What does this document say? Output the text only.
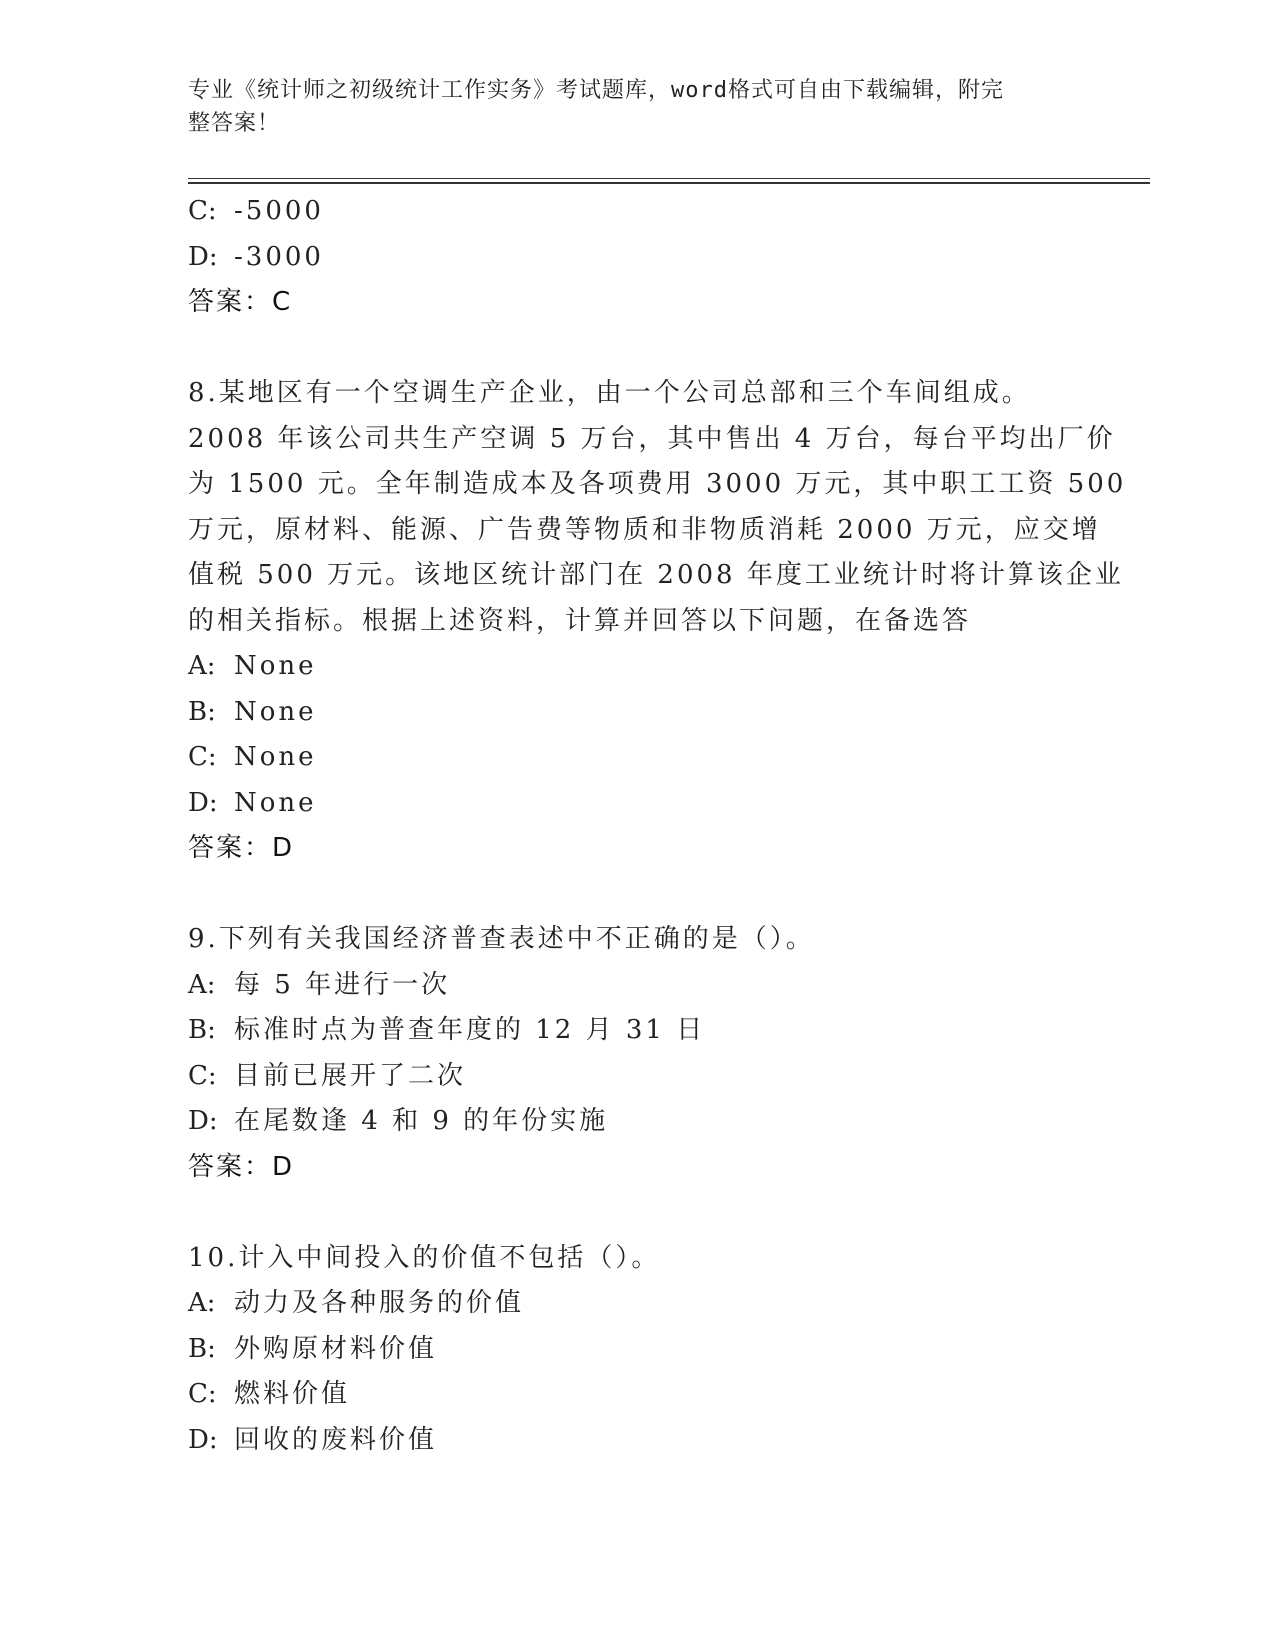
专业《统计师之初级统计工作实务》考试题库，word格式可自由下载编辑，附完
整答案！
C: -5000
D: -3000
答案：C
8.某地区有一个空调生产企业，由一个公司总部和三个车间组成。
2008 年该公司共生产空调 5 万台，其中售出 4 万台，每台平均出厂价
为 1500 元。全年制造成本及各项费用 3000 万元，其中职工工资 500
万元，原材料、能源、广告费等物质和非物质消耗 2000 万元，应交增
值税 500 万元。该地区统计部门在 2008 年度工业统计时将计算该企业
的相关指标。根据上述资料，计算并回答以下问题，在备选答
A: None
B: None
C: None
D: None
答案：D
9.下列有关我国经济普查表述中不正确的是（）。
A: 每 5 年进行一次
B: 标准时点为普查年度的 12 月 31 日
C: 目前已展开了二次
D: 在尾数逢 4 和 9 的年份实施
答案：D
10.计入中间投入的价值不包括（）。
A: 动力及各种服务的价值
B: 外购原材料价值
C: 燃料价值
D: 回收的废料价值
